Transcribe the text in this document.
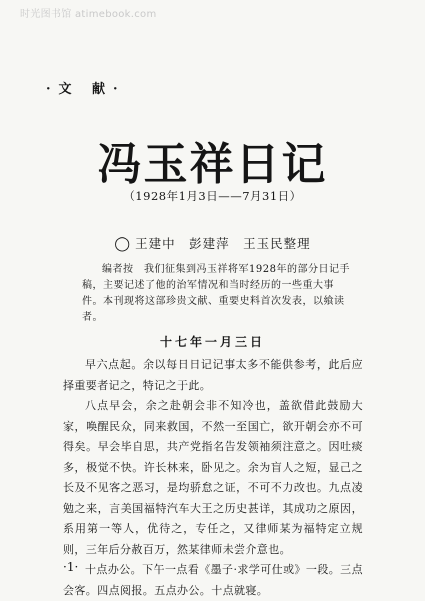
时光图书馆 atimebook.com
·文 献·
冯玉祥日记
（1928年1月3日——7月31日）
◯ 王建中　彭建萍　王玉民整理
编者按　我们征集到冯玉祥将军1928年的部分日记手稿，主要记述了他的治军情况和当时经历的一些重大事件。本刊现将这部珍贵文献、重要史料首次发表，以飨读者。
十七年一月三日

早六点起。余以每日日记记事太多不能供参考，此后应择重要者记之，特记之于此。

八点早会，余之赴朝会非不知冷也，盖欲借此鼓励大家，唤醒民众，同来救国，不然一至国亡，欲开朝会亦不可得矣。早会毕自思，共产党指名告发领袖须注意之。因吐痰多，极觉不快。许长林来，卧见之。余为盲人之短，显己之长及不见客之恶习，是均骄怠之证，不可不力改也。九点凌勉之来，言美国福特汽车大王之历史甚详，其成功之原因，系用第一等人，优待之，专任之，又律师某为福特定立规则，三年后分赦百万，然某律师未尝介意也。

十点办公。下午一点看《墨子·求学可仕或》一段。三点会客。四点阅报。五点办公。十点就寝。

·1·
